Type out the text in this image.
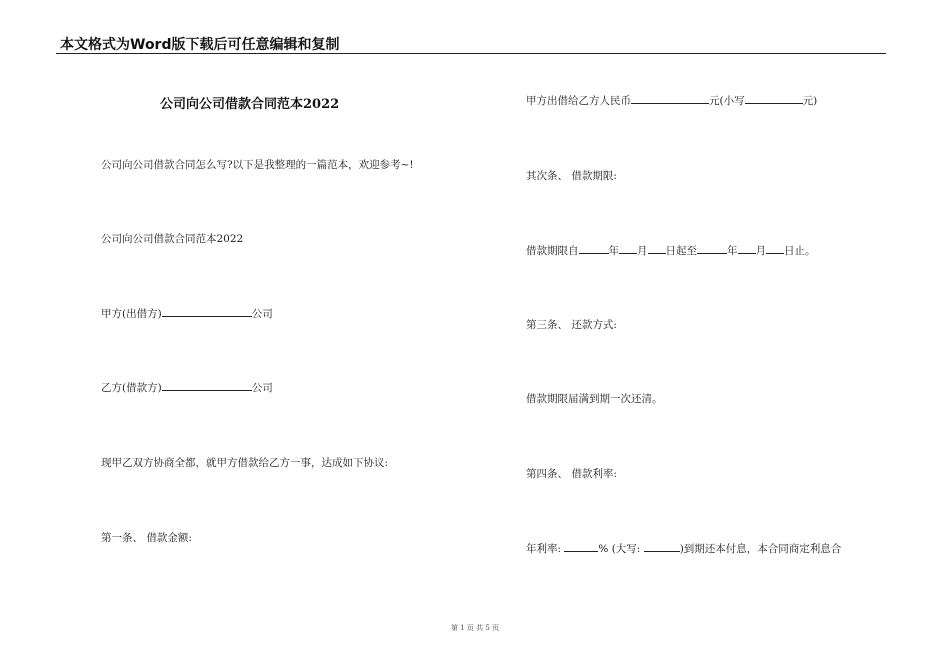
本文格式为Word版下载后可任意编辑和复制
公司向公司借款合同范本2022
公司向公司借款合同怎么写?以下是我整理的一篇范本，欢迎参考~!
公司向公司借款合同范本2022
甲方(出借方)	公司
乙方(借款方)	公司
现甲乙双方协商全都，就甲方借款给乙方一事，达成如下协议:
第一条、 借款金额:
甲方出借给乙方人民币	元(小写	元)
其次条、 借款期限:
借款期限自	年 月 日起至	年 月 日止。
第三条、 还款方式:
借款期限届满到期一次还清。
第四条、 借款利率:
年利率:	% (大写:	)到期还本付息，本合同商定利息合
第 1 页 共 5 页
